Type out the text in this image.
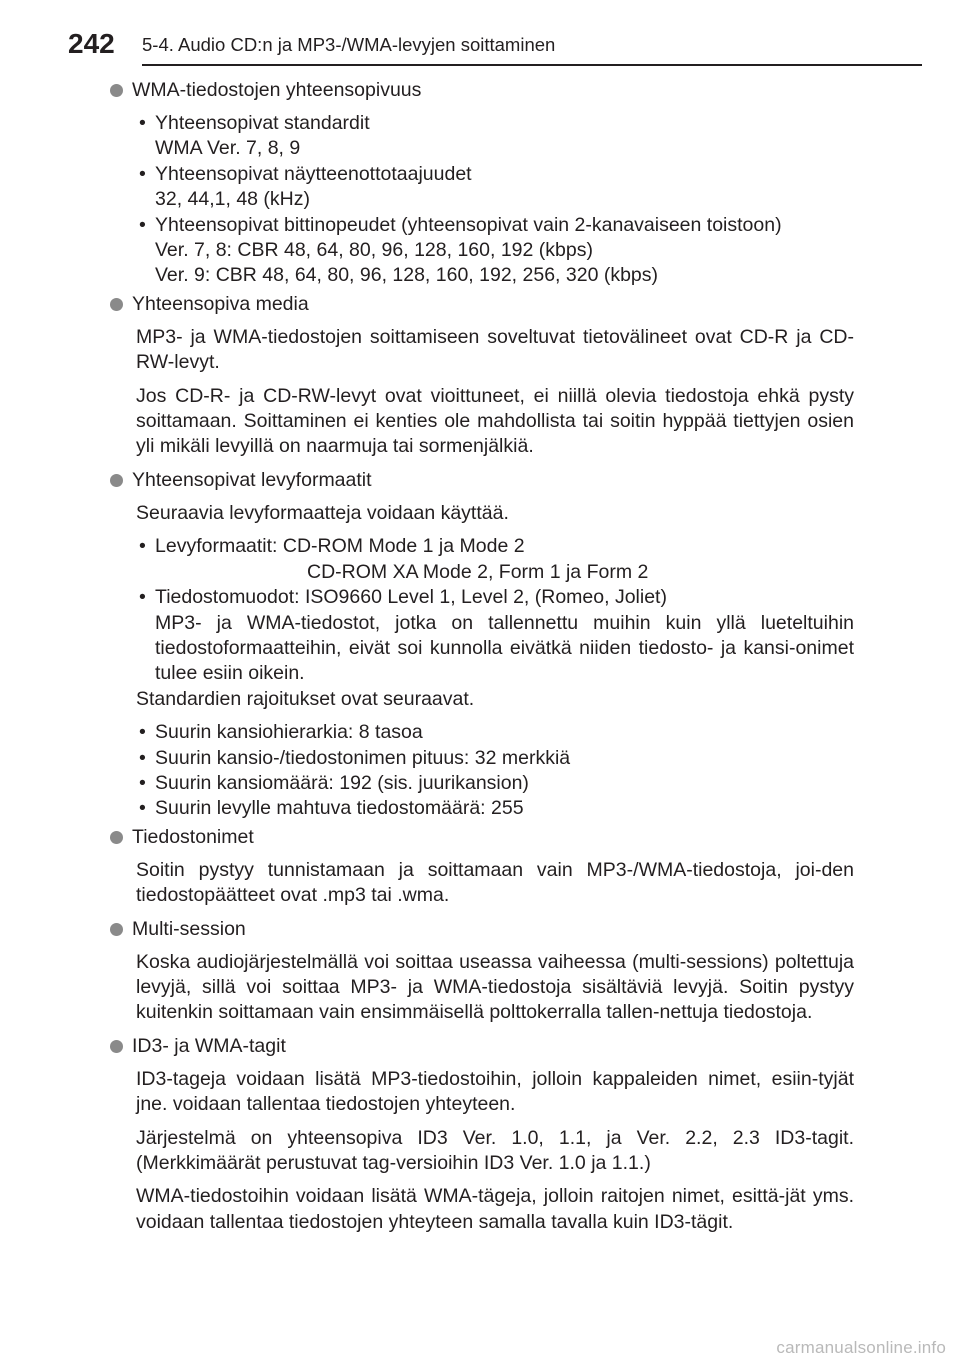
242 5-4. Audio CD:n ja MP3-/WMA-levyjen soittaminen
WMA-tiedostojen yhteensopivuus
• Yhteensopivat standardit
WMA Ver. 7, 8, 9
• Yhteensopivat näytteenottotaajuudet
32, 44,1, 48 (kHz)
• Yhteensopivat bittinopeudet (yhteensopivat vain 2-kanavaiseen toistoon)
Ver. 7, 8: CBR 48, 64, 80, 96, 128, 160, 192 (kbps)
Ver. 9: CBR 48, 64, 80, 96, 128, 160, 192, 256, 320 (kbps)
Yhteensopiva media
MP3- ja WMA-tiedostojen soittamiseen soveltuvat tietovälineet ovat CD-R ja CD-RW-levyt.
Jos CD-R- ja CD-RW-levyt ovat vioittuneet, ei niillä olevia tiedostoja ehkä pysty soittamaan. Soittaminen ei kenties ole mahdollista tai soitin hyppää tiettyjen osien yli mikäli levyillä on naarmuja tai sormenjälkiä.
Yhteensopivat levyformaatit
Seuraavia levyformaatteja voidaan käyttää.
• Levyformaatit: CD-ROM Mode 1 ja Mode 2
CD-ROM XA Mode 2, Form 1 ja Form 2
• Tiedostomuodot: ISO9660 Level 1, Level 2, (Romeo, Joliet)
MP3- ja WMA-tiedostot, jotka on tallennettu muihin kuin yllä lueteltuihin tiedostoformaatteihin, eivät soi kunnolla eivätkä niiden tiedosto- ja kansi-onimet tulee esiin oikein.
Standardien rajoitukset ovat seuraavat.
• Suurin kansiohierarkia: 8 tasoa
• Suurin kansio-/tiedostonimen pituus: 32 merkkiä
• Suurin kansiomäärä: 192 (sis. juurikansion)
• Suurin levylle mahtuva tiedostomäärä: 255
Tiedostonimet
Soitin pystyy tunnistamaan ja soittamaan vain MP3-/WMA-tiedostoja, joi-den tiedostopäätteet ovat .mp3 tai .wma.
Multi-session
Koska audiojärjestelmällä voi soittaa useassa vaiheessa (multi-sessions) poltettuja levyjä, sillä voi soittaa MP3- ja WMA-tiedostoja sisältäviä levyjä. Soitin pystyy kuitenkin soittamaan vain ensimmäisellä polttokerralla tallen-nettuja tiedostoja.
ID3- ja WMA-tagit
ID3-tageja voidaan lisätä MP3-tiedostoihin, jolloin kappaleiden nimet, esiin-tyjät jne. voidaan tallentaa tiedostojen yhteyteen.
Järjestelmä on yhteensopiva ID3 Ver. 1.0, 1.1, ja Ver. 2.2, 2.3 ID3-tagit. (Merkkimäärät perustuvat tag-versioihin ID3 Ver. 1.0 ja 1.1.)
WMA-tiedostoihin voidaan lisätä WMA-tägeja, jolloin raitojen nimet, esittä-jät yms. voidaan tallentaa tiedostojen yhteyteen samalla tavalla kuin ID3-tägit.
carmanualsonline.info
